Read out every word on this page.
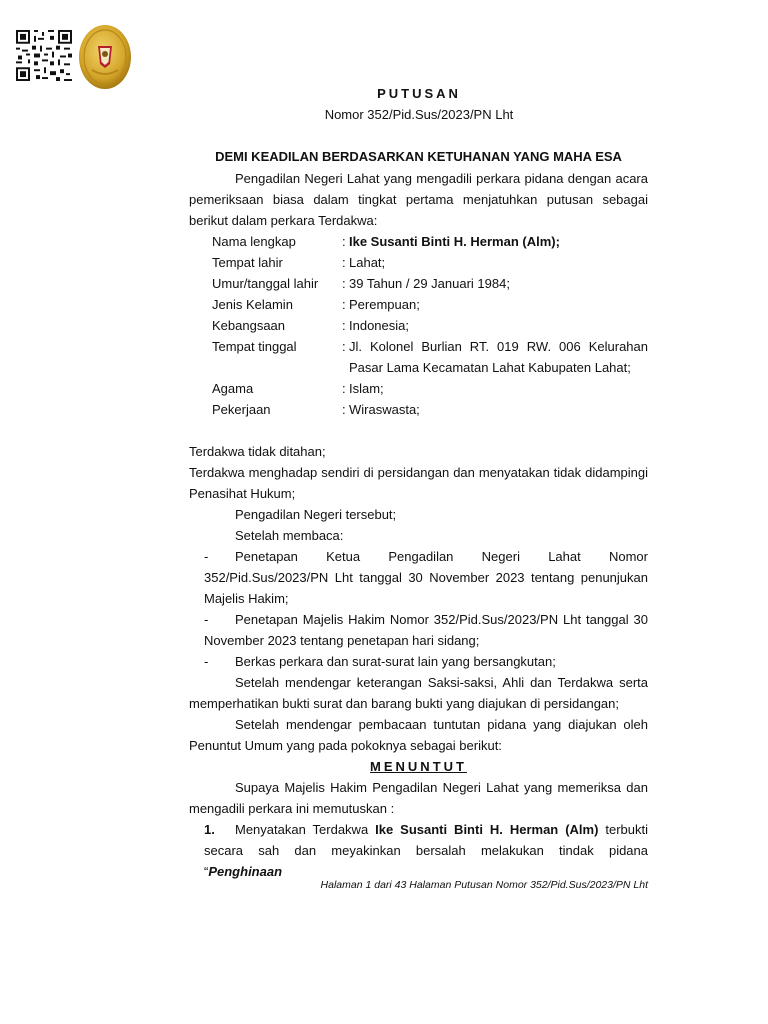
PUTUSAN
Nomor 352/Pid.Sus/2023/PN Lht
DEMI KEADILAN BERDASARKAN KETUHANAN YANG MAHA ESA

Pengadilan Negeri Lahat yang mengadili perkara pidana dengan acara pemeriksaan biasa dalam tingkat pertama menjatuhkan putusan sebagai berikut dalam perkara Terdakwa:

Nama lengkap	: Ike Susanti Binti H. Herman (Alm);
Tempat lahir	: Lahat;
Umur/tanggal lahir	: 39 Tahun / 29 Januari 1984;
Jenis Kelamin	: Perempuan;
Kebangsaan	: Indonesia;
Tempat tinggal	: Jl. Kolonel Burlian RT. 019 RW. 006 Kelurahan Pasar Lama Kecamatan Lahat Kabupaten Lahat;
Agama	: Islam;
Pekerjaan	: Wiraswasta;

Terdakwa tidak ditahan;

Terdakwa menghadap sendiri di persidangan dan menyatakan tidak didampingi Penasihat Hukum;

Pengadilan Negeri tersebut;

Setelah membaca:

-	Penetapan Ketua Pengadilan Negeri Lahat Nomor

352/Pid.Sus/2023/PN Lht tanggal 30 November 2023 tentang penunjukan Majelis Hakim;

- Penetapan Majelis Hakim Nomor 352/Pid.Sus/2023/PN Lht tanggal 30 November 2023 tentang penetapan hari sidang;

- Berkas perkara dan surat-surat lain yang bersangkutan;

Setelah mendengar keterangan Saksi-saksi, Ahli dan Terdakwa serta memperhatikan bukti surat dan barang bukti yang diajukan di persidangan;

Setelah mendengar pembacaan tuntutan pidana yang diajukan oleh Penuntut Umum yang pada pokoknya sebagai berikut:

MENUNTUT

Supaya Majelis Hakim Pengadilan Negeri Lahat yang memeriksa dan mengadili perkara ini memutuskan :

1. Menyatakan Terdakwa Ike Susanti Binti H. Herman (Alm) terbukti secara sah dan meyakinkan bersalah melakukan tindak pidana “Penghinaan

Halaman 1 dari 43 Halaman Putusan Nomor 352/Pid.Sus/2023/PN Lht
